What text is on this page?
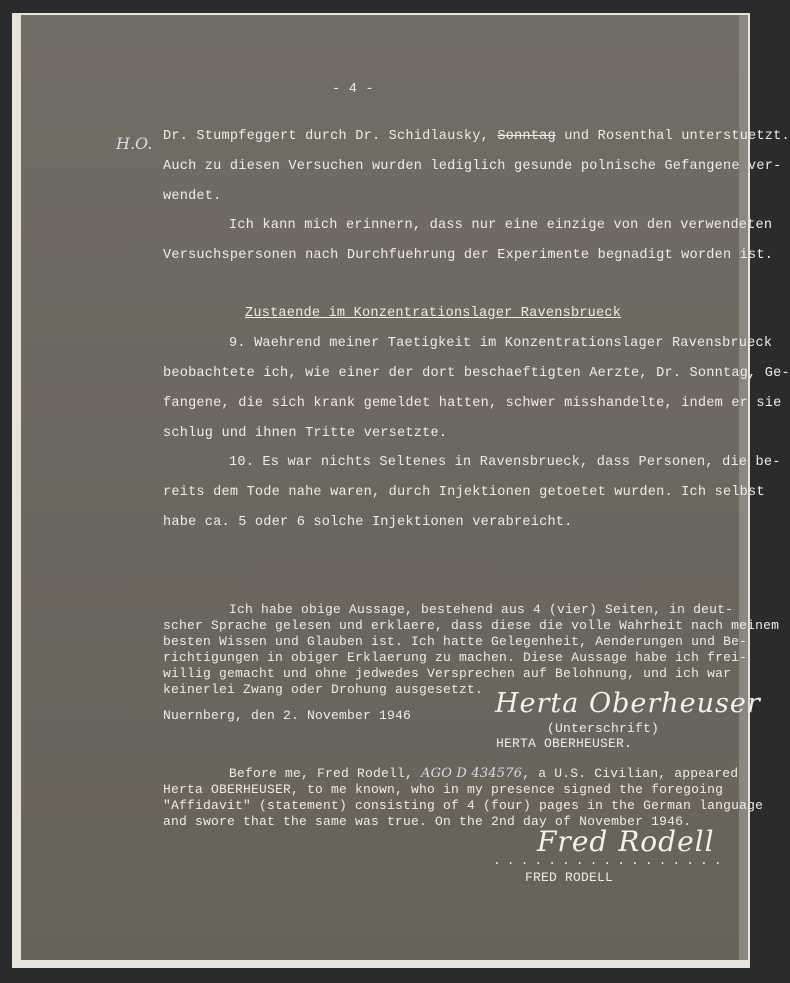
- 4 -
H.O. Dr. Stumpfeggert durch Dr. Schidlausky, Sonntag und Rosenthal unterstuetzt.
Auch zu diesen Versuchen wurden lediglich gesunde polnische Gefangene ver-
wendet.
Ich kann mich erinnern, dass nur eine einzige von den verwendeten
Versuchspersonen nach Durchfuehrung der Experimente begnadigt worden ist.
Zustaende im Konzentrationslager Ravensbrueck
9. Waehrend meiner Taetigkeit im Konzentrationslager Ravensbrueck
beobachtete ich, wie einer der dort beschaeftigten Aerzte, Dr. Sonntag, Ge-
fangene, die sich krank gemeldet hatten, schwer misshandelte, indem er sie
schlug und ihnen Tritte versetzte.
10. Es war nichts Seltenes in Ravensbrueck, dass Personen, die be-
reits dem Tode nahe waren, durch Injektionen getoetet wurden. Ich selbst
habe ca. 5 oder 6 solche Injektionen verabreicht.
Ich habe obige Aussage, bestehend aus 4 (vier) Seiten, in deut-
scher Sprache gelesen und erklaere, dass diese die volle Wahrheit nach meinem
besten Wissen und Glauben ist. Ich hatte Gelegenheit, Aenderungen und Be-
richtigungen in obiger Erklaerung zu machen. Diese Aussage habe ich frei-
willig gemacht und ohne jedwedes Versprechen auf Belohnung, und ich war
keinerlei Zwang oder Drohung ausgesetzt.
Nuernberg, den 2. November 1946	Herta Oberheuser
(Unterschrift)
HERTA OBERHEUSER.
Before me, Fred Rodell, AGO D 434576, a U.S. Civilian, appeared
Herta OBERHEUSER, to me known, who in my presence signed the foregoing
"Affidavit" (statement) consisting of 4 (four) pages in the German language
and swore that the same was true. On the 2nd day of November 1946.
Fred Rodell
.................
FRED RODELL
